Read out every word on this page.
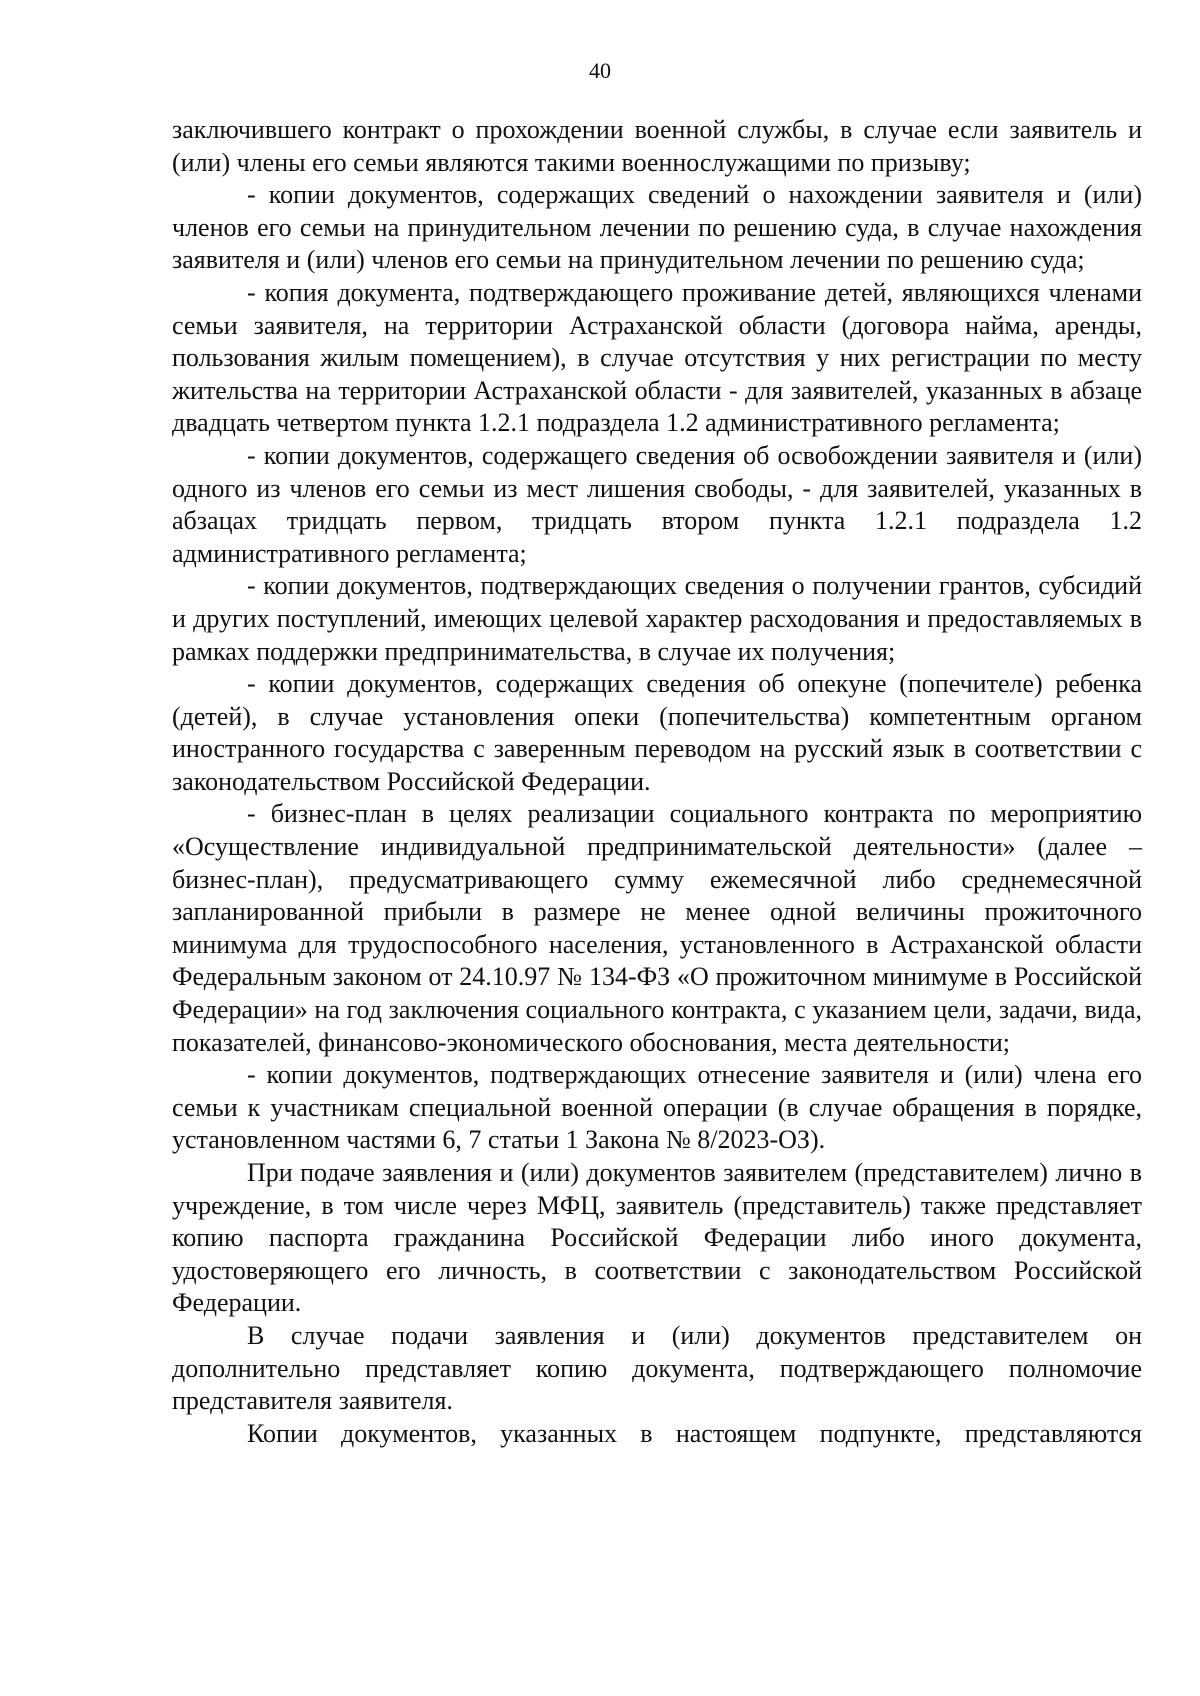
40

заключившего контракт о прохождении военной службы, в случае если заявитель и (или) члены его семьи являются такими военнослужащими по призыву;

- копии документов, содержащих сведений о нахождении заявителя и (или) членов его семьи на принудительном лечении по решению суда, в случае нахождения заявителя и (или) членов его семьи на принудительном лечении по решению суда;

- копия документа, подтверждающего проживание детей, являющихся членами семьи заявителя, на территории Астраханской области (договора найма, аренды, пользования жилым помещением), в случае отсутствия у них регистрации по месту жительства на территории Астраханской области - для заявителей, указанных в абзаце двадцать четвертом пункта 1.2.1 подраздела 1.2 административного регламента;

- копии документов, содержащего сведения об освобождении заявителя и (или) одного из членов его семьи из мест лишения свободы, - для заявителей, указанных в абзацах тридцать первом, тридцать втором пункта 1.2.1 подраздела 1.2 административного регламента;

- копии документов, подтверждающих сведения о получении грантов, субсидий и других поступлений, имеющих целевой характер расходования и предоставляемых в рамках поддержки предпринимательства, в случае их получения;

- копии документов, содержащих сведения об опекуне (попечителе) ребенка (детей), в случае установления опеки (попечительства) компетентным органом иностранного государства с заверенным переводом на русский язык в соответствии с законодательством Российской Федерации.

- бизнес-план в целях реализации социального контракта по мероприятию «Осуществление индивидуальной предпринимательской деятельности» (далее – бизнес-план), предусматривающего сумму ежемесячной либо среднемесячной запланированной прибыли в размере не менее одной величины прожиточного минимума для трудоспособного населения, установленного в Астраханской области Федеральным законом от 24.10.97 № 134-ФЗ «О прожиточном минимуме в Российской Федерации» на год заключения социального контракта, с указанием цели, задачи, вида, показателей, финансово-экономического обоснования, места деятельности;

- копии документов, подтверждающих отнесение заявителя и (или) члена его семьи к участникам специальной военной операции (в случае обращения в порядке, установленном частями 6, 7 статьи 1 Закона № 8/2023-ОЗ).

При подаче заявления и (или) документов заявителем (представителем) лично в учреждение, в том числе через МФЦ, заявитель (представитель) также представляет копию паспорта гражданина Российской Федерации либо иного документа, удостоверяющего его личность, в соответствии с законодательством Российской Федерации.

В случае подачи заявления и (или) документов представителем он дополнительно представляет копию документа, подтверждающего полномочие представителя заявителя.

Копии документов, указанных в настоящем подпункте, представляются
